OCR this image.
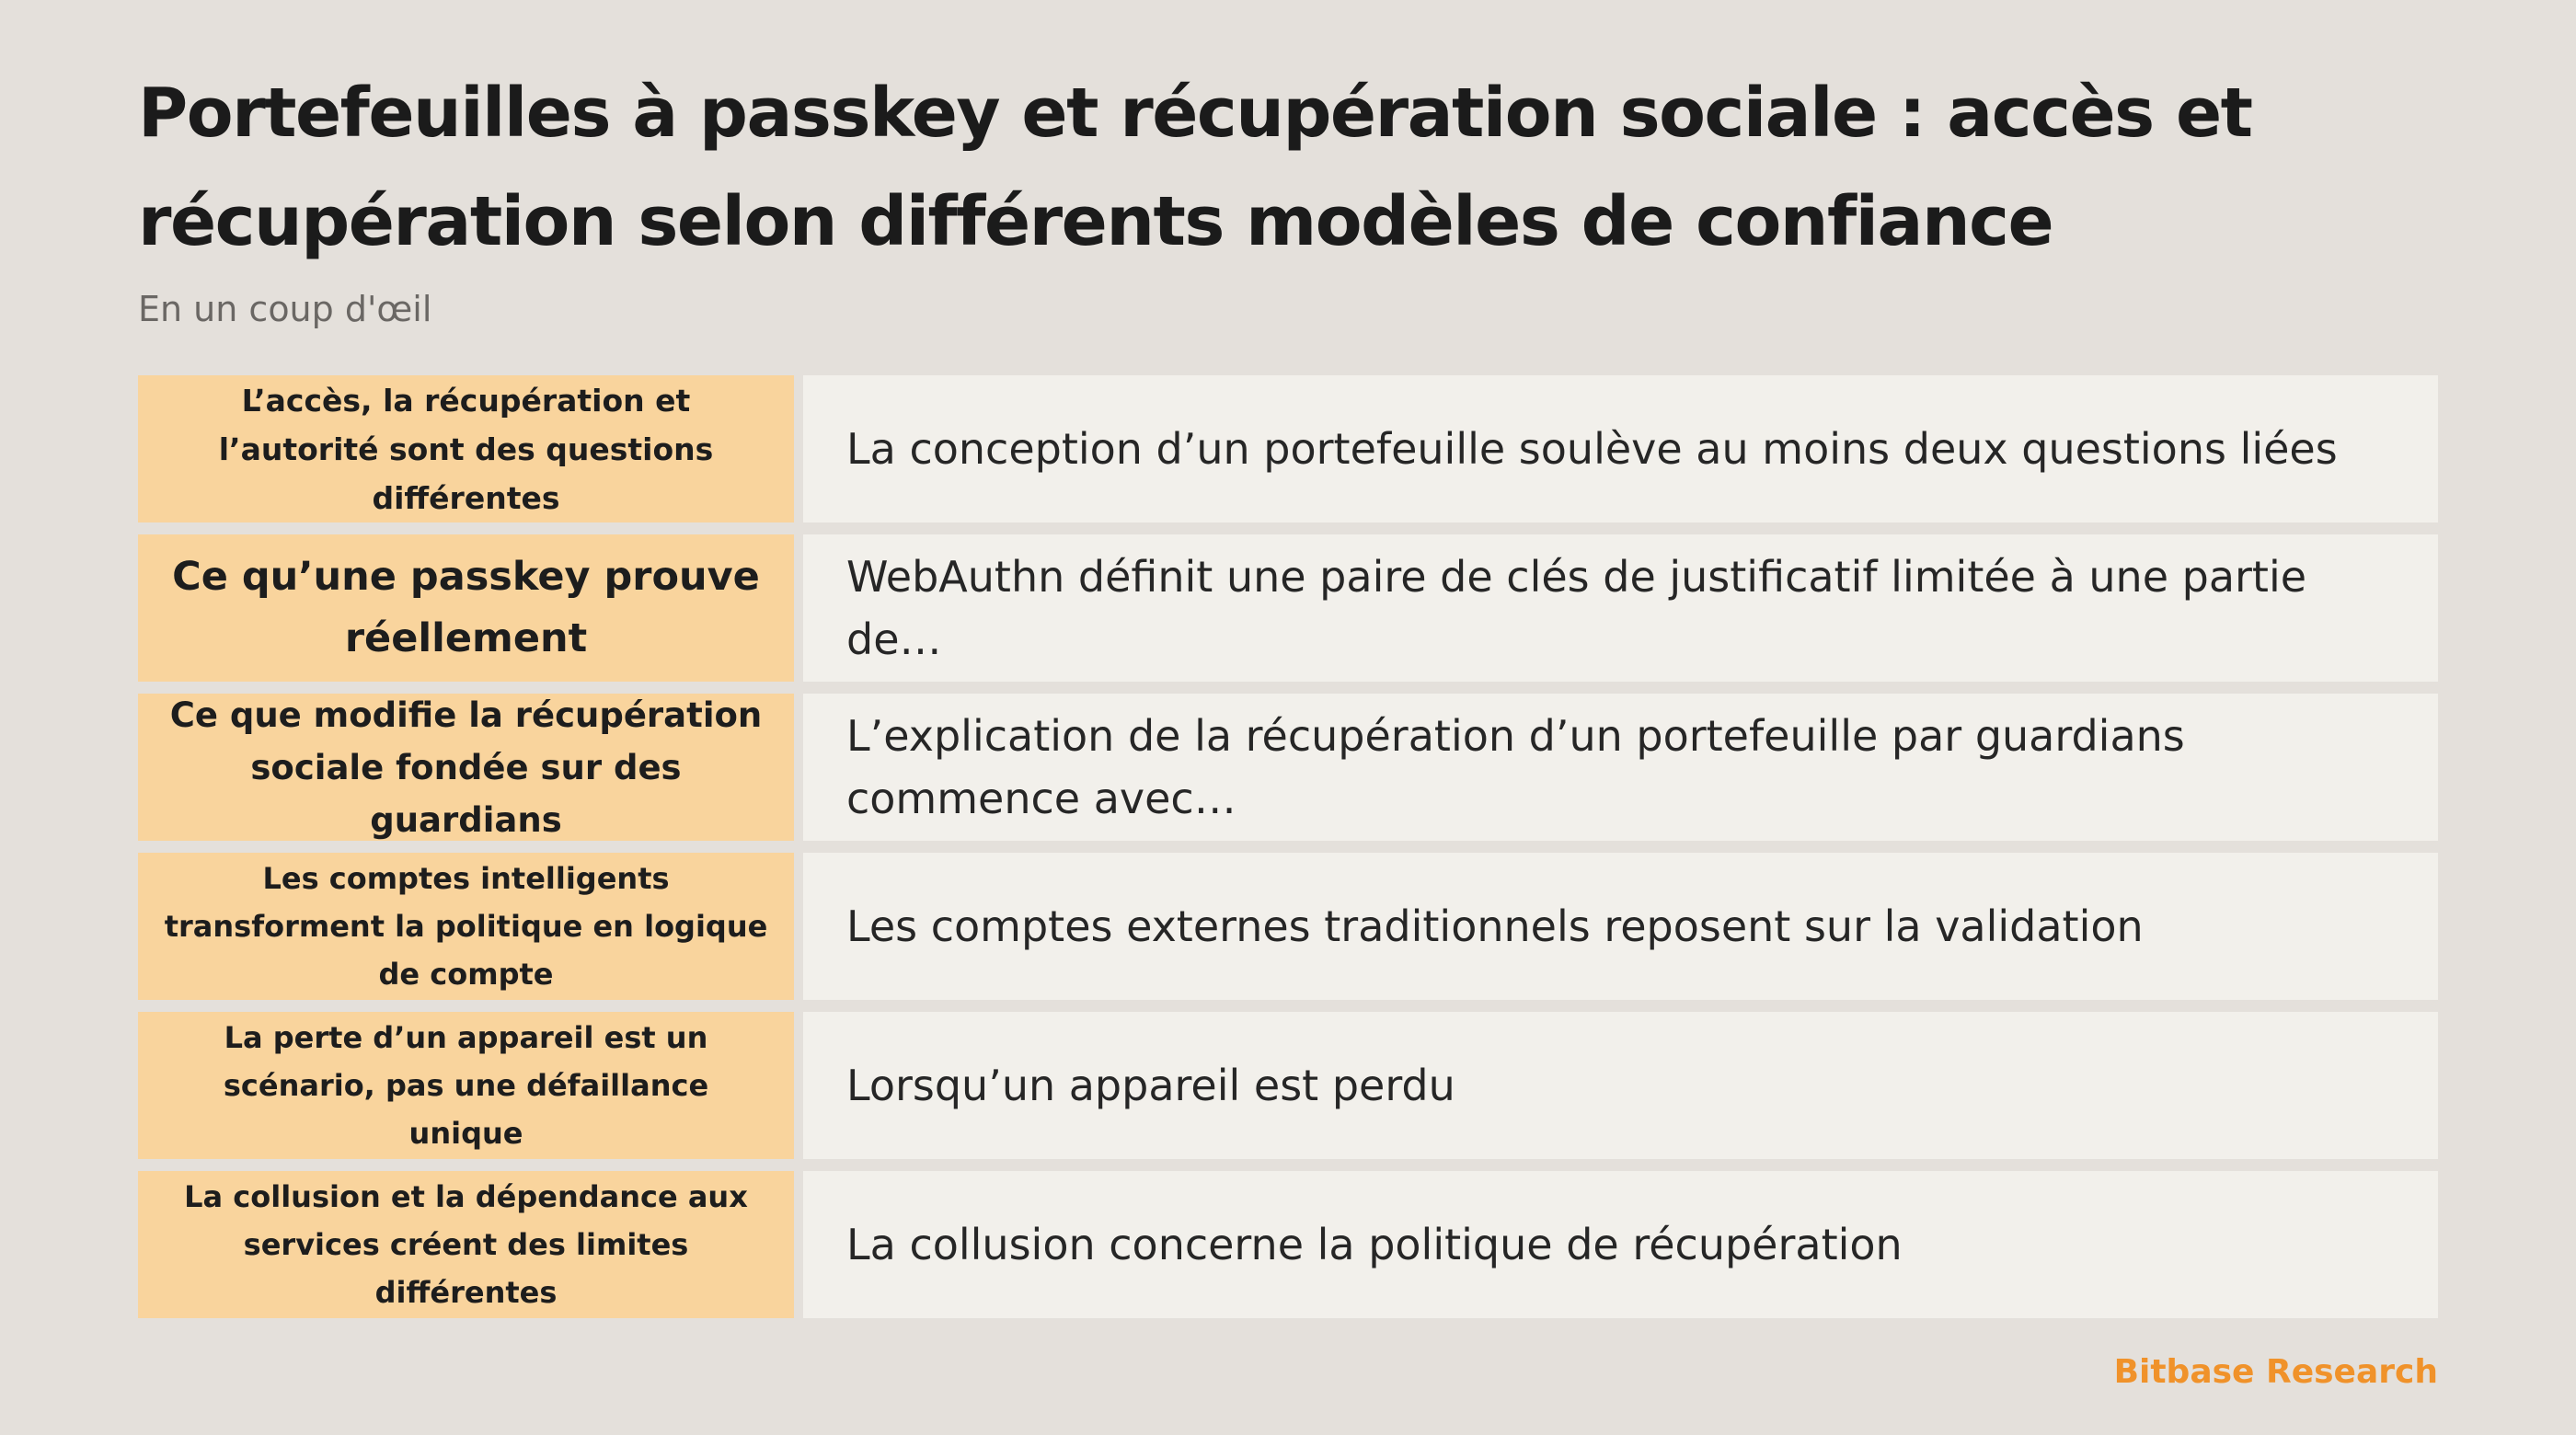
Portefeuilles à passkey et récupération sociale : accès et récupération selon différents modèles de confiance

En un coup d'œil

L’accès, la récupération et l’autorité sont des questions différentes
La conception d’un portefeuille soulève au moins deux questions liées
Ce qu’une passkey prouve réellement
WebAuthn définit une paire de clés de justificatif limitée à une partie de…
Ce que modifie la récupération sociale fondée sur des guardians
L’explication de la récupération d’un portefeuille par guardians commence avec…
Les comptes intelligents transforment la politique en logique de compte
Les comptes externes traditionnels reposent sur la validation
La perte d’un appareil est un scénario, pas une défaillance unique
Lorsqu’un appareil est perdu
La collusion et la dépendance aux services créent des limites différentes
La collusion concerne la politique de récupération

Bitbase Research
